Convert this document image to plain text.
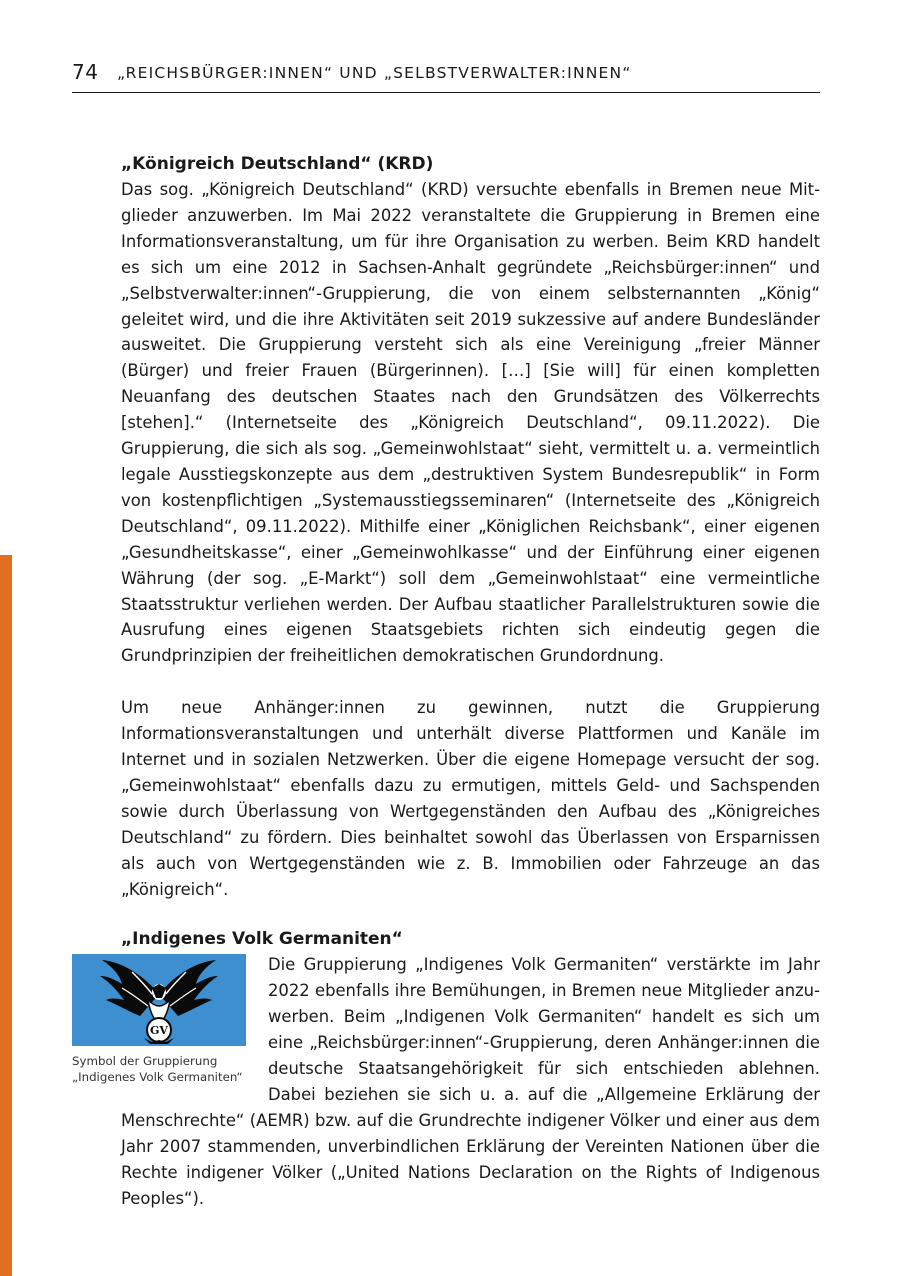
74 „REICHSBÜRGER:INNEN“ UND „SELBSTVERWALTER:INNEN“
„Königreich Deutschland“ (KRD)

Das sog. „Königreich Deutschland“ (KRD) versuchte ebenfalls in Bremen neue Mitglieder anzuwerben. Im Mai 2022 veranstaltete die Gruppierung in Bremen eine Informationsveranstaltung, um für ihre Organisation zu werben. Beim KRD handelt es sich um eine 2012 in Sachsen-Anhalt gegründete „Reichsbürger:innen“ und „Selbstverwalter:innen“-Gruppierung, die von einem selbsternannten „König“ geleitet wird, und die ihre Aktivitäten seit 2019 sukzessive auf andere Bundesländer ausweitet. Die Gruppierung versteht sich als eine Vereinigung „freier Männer (Bürger) und freier Frauen (Bürgerinnen). […] [Sie will] für einen kompletten Neuanfang des deutschen Staates nach den Grundsätzen des Völkerrechts [stehen].“ (Internetseite des „Königreich Deutschland“, 09.11.2022). Die Gruppierung, die sich als sog. „Gemeinwohlstaat“ sieht, vermittelt u. a. vermeintlich legale Ausstiegskonzepte aus dem „destruktiven System Bundesrepublik“ in Form von kostenpflichtigen „Systemausstiegsseminaren“ (Internetseite des „Königreich Deutschland“, 09.11.2022). Mithilfe einer „Königlichen Reichsbank“, einer eigenen „Gesundheitskasse“, einer „Gemeinwohlkasse“ und der Einführung einer eigenen Währung (der sog. „E-Markt“) soll dem „Gemeinwohlstaat“ eine vermeintliche Staatsstruktur verliehen werden. Der Aufbau staatlicher Parallelstrukturen sowie die Ausrufung eines eigenen Staatsgebiets richten sich eindeutig gegen die Grundprinzipien der freiheitlichen demokratischen Grundordnung.

Um neue Anhänger:innen zu gewinnen, nutzt die Gruppierung Informationsveranstaltungen und unterhält diverse Plattformen und Kanäle im Internet und in sozialen Netzwerken. Über die eigene Homepage versucht der sog. „Gemeinwohlstaat“ ebenfalls dazu zu ermutigen, mittels Geld- und Sachspenden sowie durch Überlassung von Wertgegenständen den Aufbau des „Königreiches Deutschland“ zu fördern. Dies beinhaltet sowohl das Überlassen von Ersparnissen als auch von Wertgegenständen wie z. B. Immobilien oder Fahrzeuge an das „Königreich“.

„Indigenes Volk Germaniten“
GV
Symbol der Gruppierung
„Indigenes Volk Germaniten“
Die Gruppierung „Indigenes Volk Germaniten“ verstärkte im Jahr 2022 ebenfalls ihre Bemühungen, in Bremen neue Mitglieder anzuwerben. Beim „Indigenen Volk Germaniten“ handelt es sich um eine „Reichsbürger:innen“-Gruppierung, deren Anhänger:innen die deutsche Staatsangehörigkeit für sich entschieden ablehnen. Dabei beziehen sie sich u. a. auf die „Allgemeine Erklärung der Menschrechte“ (AEMR) bzw. auf die Grundrechte indigener Völker und einer aus dem Jahr 2007 stammenden, unverbindlichen Erklärung der Vereinten Nationen über die Rechte indigener Völker („United Nations Declaration on the Rights of Indigenous Peoples“).
